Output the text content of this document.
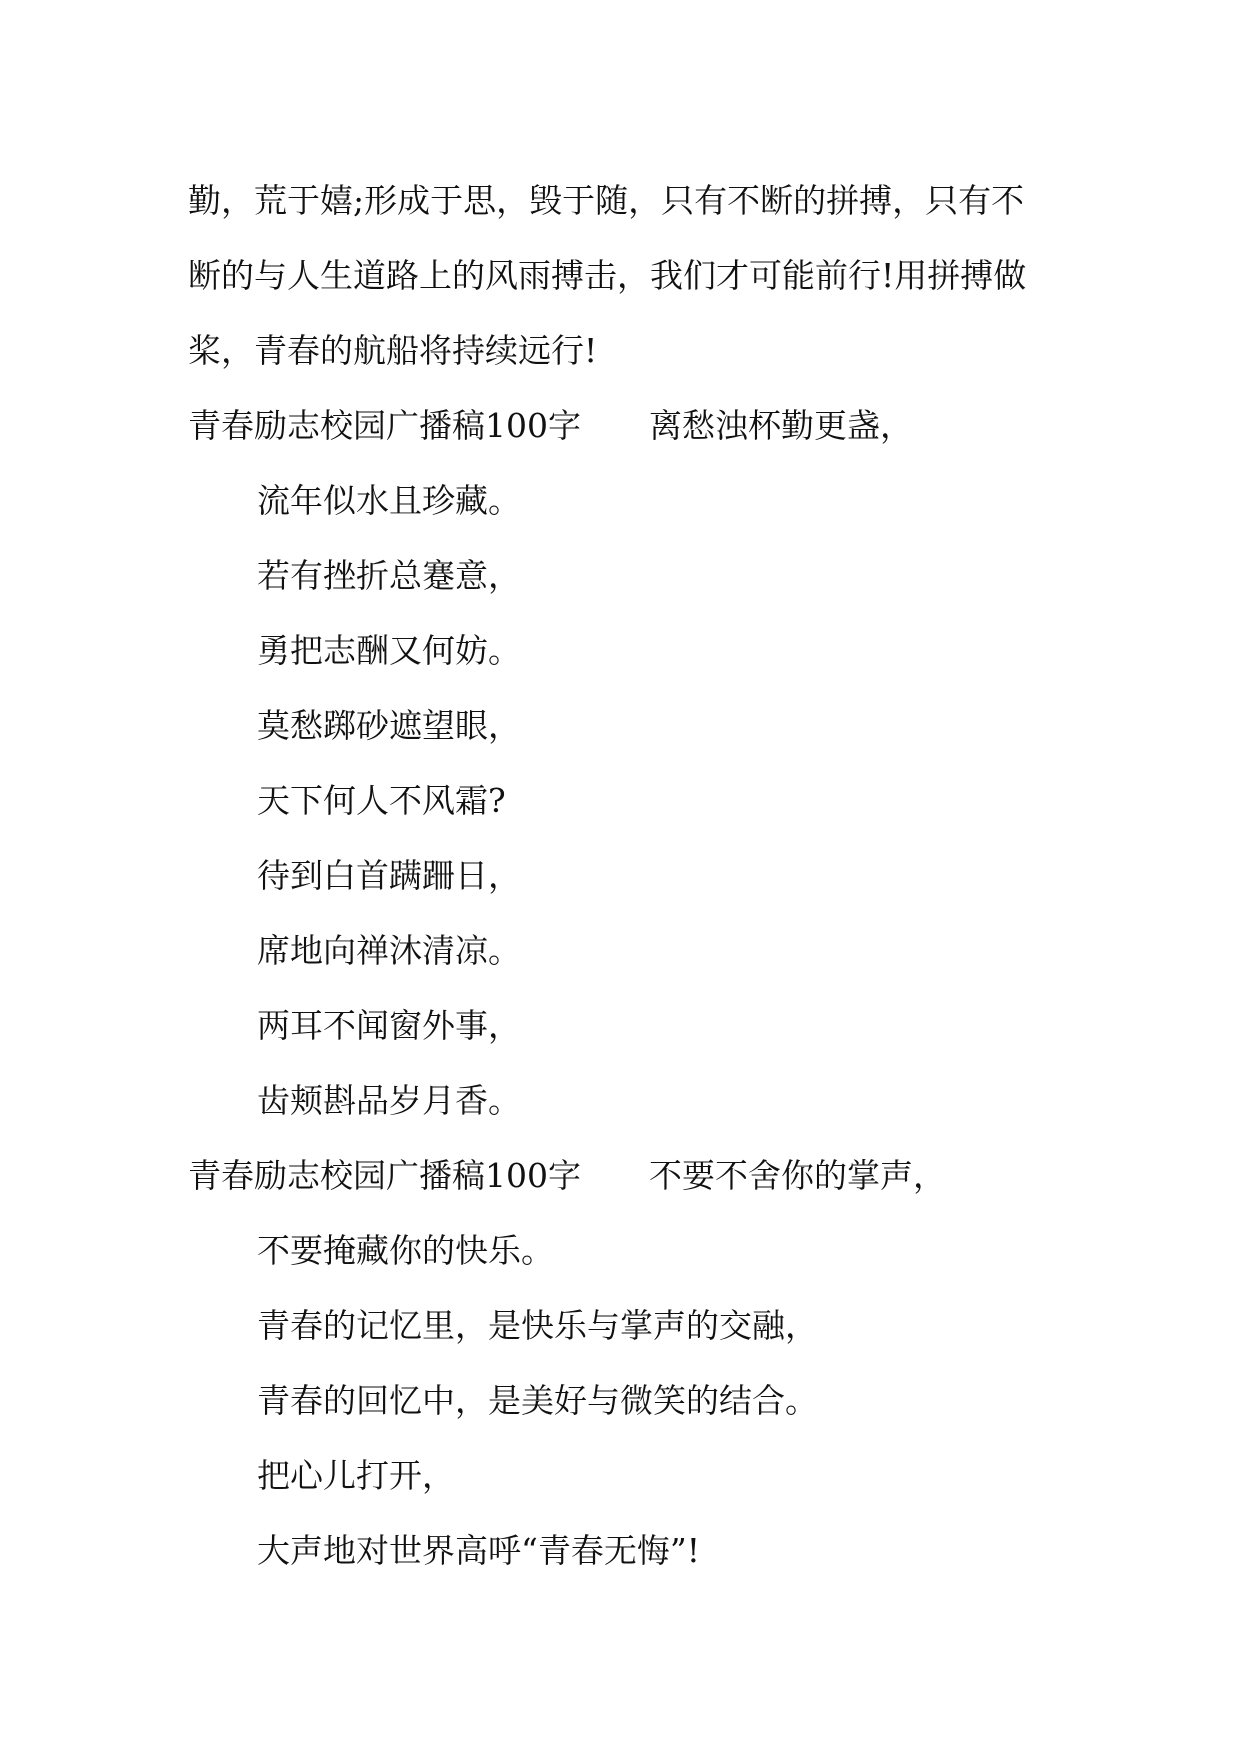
勤，荒于嬉;形成于思，毁于随，只有不断的拼搏，只有不
断的与人生道路上的风雨搏击，我们才可能前行!用拼搏做
桨，青春的航船将持续远行!
青春励志校园广播稿100字 离愁浊杯勤更盏，
流年似水且珍藏。
若有挫折总蹇意，
勇把志酬又何妨。
莫愁踯砂遮望眼，
天下何人不风霜?
待到白首蹒跚日，
席地向禅沐清凉。
两耳不闻窗外事，
齿颊斟品岁月香。
青春励志校园广播稿100字 不要不舍你的掌声，
不要掩藏你的快乐。
青春的记忆里，是快乐与掌声的交融，
青春的回忆中，是美好与微笑的结合。
把心儿打开，
大声地对世界高呼“青春无悔”!
